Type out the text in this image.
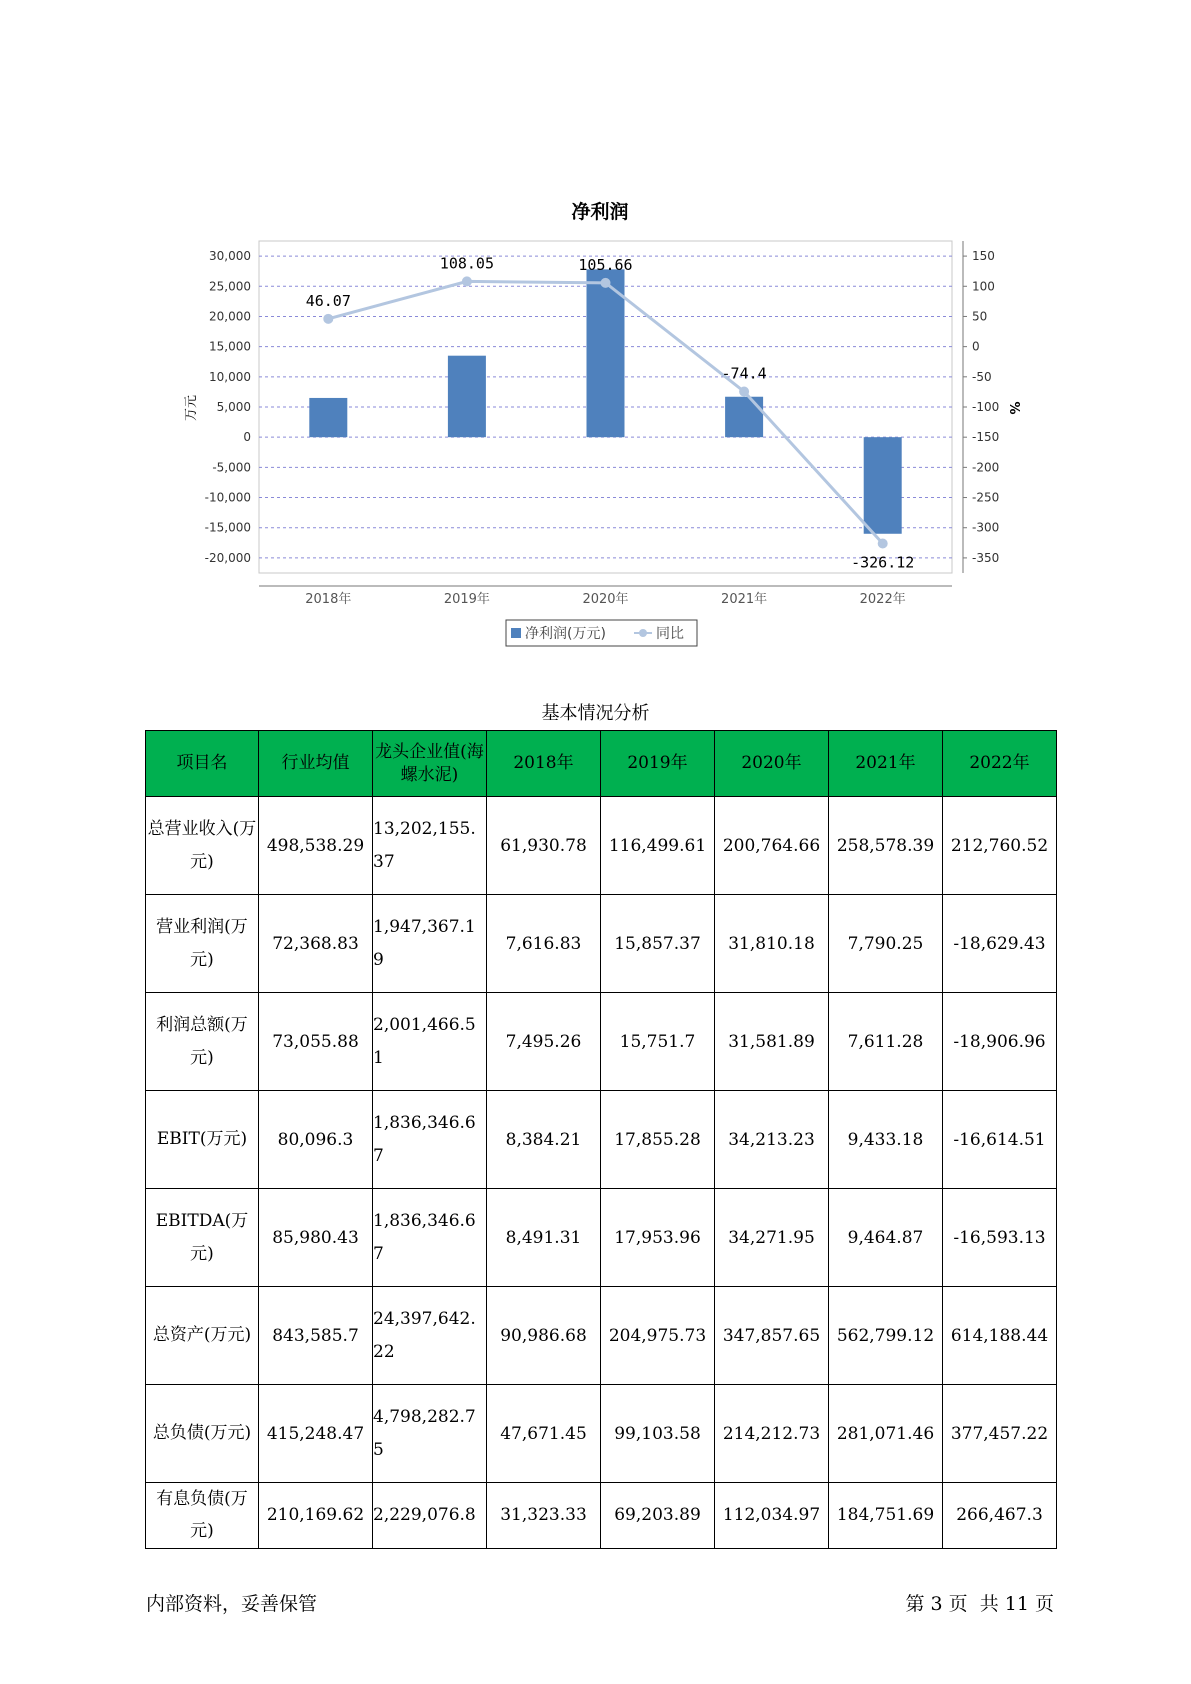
净利润
30,000
25,000
20,000
15,000
10,000
5,000
0
-5,000
-10,000
-15,000
-20,000
150
100
50
0
-50
-100
-150
-200
-250
-300
-350
万元	%
46.07
108.05	105.66
-74.4
-326.12
2018年	2019年	2020年	2021年	2022年
净利润(万元)	同比
基本情况分析
项目名	行业均值	龙头企业值(海螺水泥)	2018年	2019年	2020年	2021年	2022年
总营业收入(万元)	498,538.29	13,202,155.37	61,930.78	116,499.61	200,764.66	258,578.39	212,760.52
营业利润(万元)	72,368.83	1,947,367.19	7,616.83	15,857.37	31,810.18	7,790.25	-18,629.43
利润总额(万元)	73,055.88	2,001,466.51	7,495.26	15,751.7	31,581.89	7,611.28	-18,906.96
EBIT(万元)	80,096.3	1,836,346.67	8,384.21	17,855.28	34,213.23	9,433.18	-16,614.51
EBITDA(万元)	85,980.43	1,836,346.67	8,491.31	17,953.96	34,271.95	9,464.87	-16,593.13
总资产(万元)	843,585.7	24,397,642.22	90,986.68	204,975.73	347,857.65	562,799.12	614,188.44
总负债(万元)	415,248.47	4,798,282.75	47,671.45	99,103.58	214,212.73	281,071.46	377,457.22
有息负债(万元)	210,169.62	2,229,076.8	31,323.33	69,203.89	112,034.97	184,751.69	266,467.3
内部资料，妥善保管	第 3 页  共 11 页
